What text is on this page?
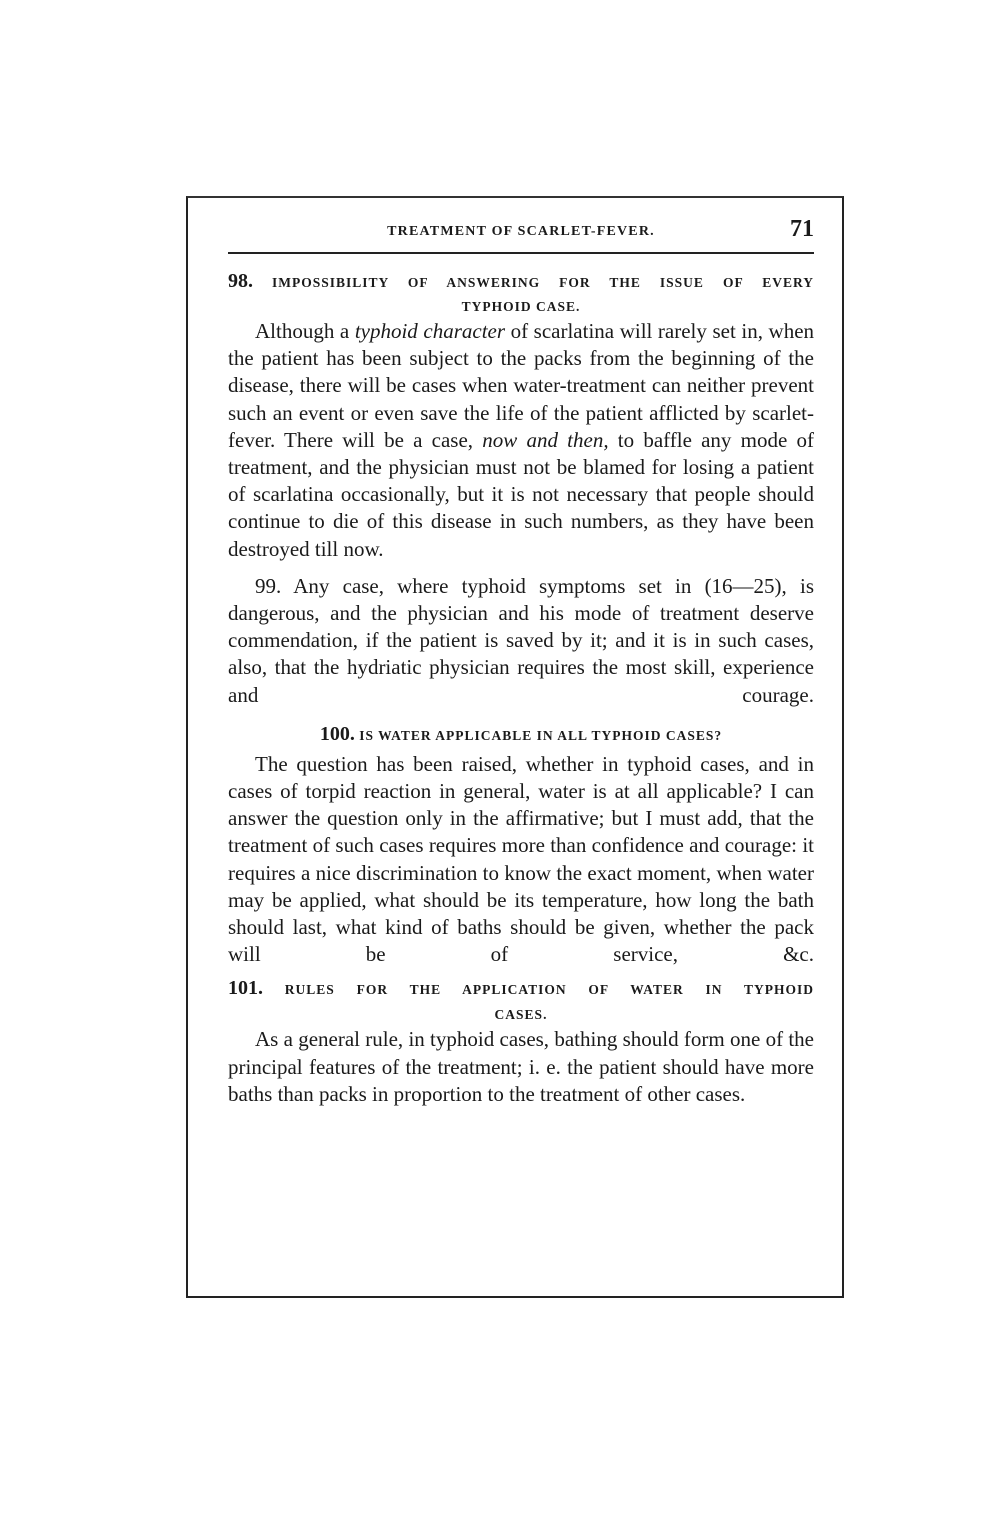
TREATMENT OF SCARLET-FEVER.	71
98. IMPOSSIBILITY OF ANSWERING FOR THE ISSUE OF EVERY
TYPHOID CASE.

Although a typhoid character of scarlatina will rarely set in, when the patient has been subject to the packs from the beginning of the disease, there will be cases when water-treatment can neither prevent such an event or even save the life of the patient afflicted by scarlet-fever. There will be a case, now and then, to baffle any mode of treatment, and the physician must not be blamed for losing a patient of scarlatina occasionally, but it is not necessary that people should continue to die of this disease in such numbers, as they have been destroyed till now.

99. Any case, where typhoid symptoms set in (16—25), is dangerous, and the physician and his mode of treatment deserve commendation, if the patient is saved by it; and it is in such cases, also, that the hydriatic physician requires the most skill, experience and courage.

100. IS WATER APPLICABLE IN ALL TYPHOID CASES?

The question has been raised, whether in typhoid cases, and in cases of torpid reaction in general, water is at all applicable? I can answer the question only in the affirmative; but I must add, that the treatment of such cases requires more than confidence and courage: it requires a nice discrimination to know the exact moment, when water may be applied, what should be its temperature, how long the bath should last, what kind of baths should be given, whether the pack will be of service, &c.

101. RULES FOR THE APPLICATION OF WATER IN TYPHOID
CASES.

As a general rule, in typhoid cases, bathing should form one of the principal features of the treatment; i. e. the patient should have more baths than packs in proportion to the treatment of other cases.
